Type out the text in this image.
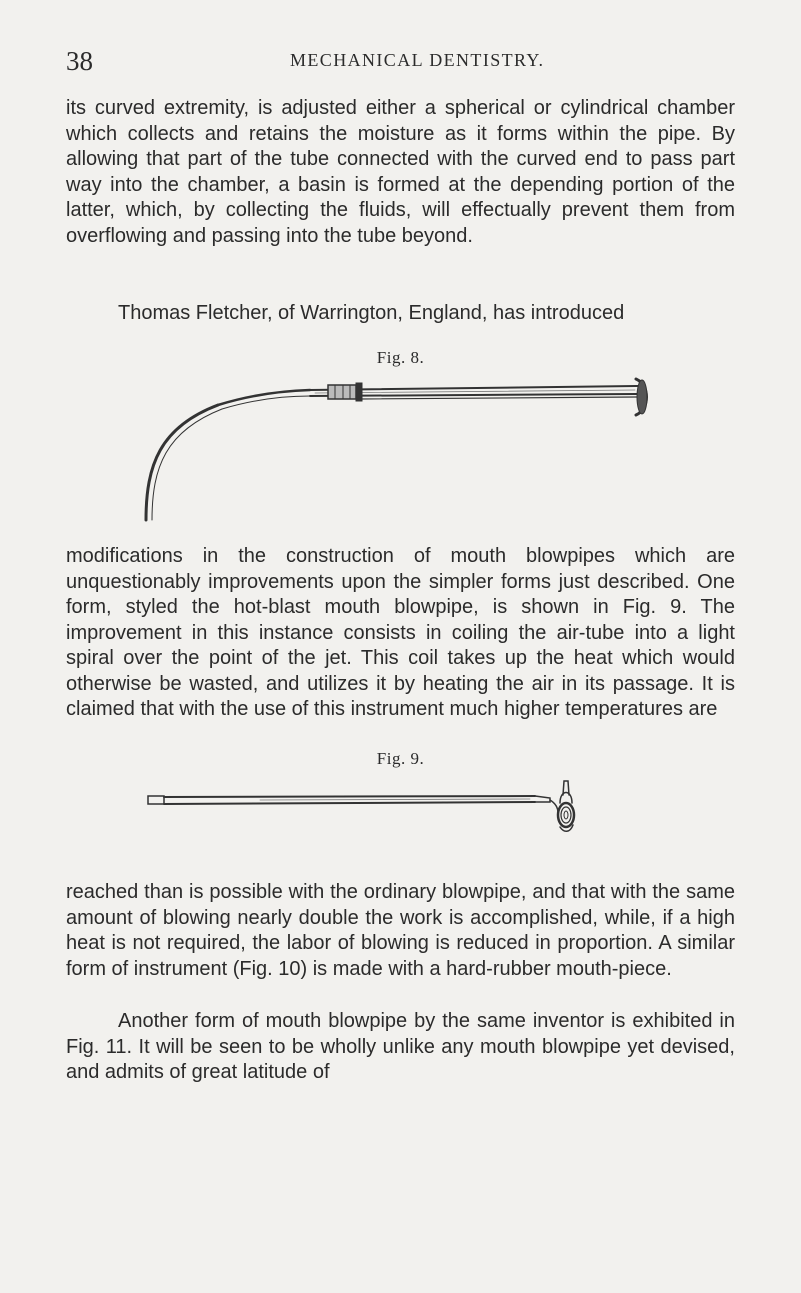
38	MECHANICAL DENTISTRY.

its curved extremity, is adjusted either a spherical or cylindrical chamber which collects and retains the moisture as it forms within the pipe. By allowing that part of the tube connected with the curved end to pass part way into the chamber, a basin is formed at the depending portion of the latter, which, by collecting the fluids, will effectually prevent them from overflowing and passing into the tube beyond.

Thomas Fletcher, of Warrington, England, has introduced

Fig. 8.

modifications in the construction of mouth blowpipes which are unquestionably improvements upon the simpler forms just described. One form, styled the hot-blast mouth blowpipe, is shown in Fig. 9. The improvement in this instance consists in coiling the air-tube into a light spiral over the point of the jet. This coil takes up the heat which would otherwise be wasted, and utilizes it by heating the air in its passage. It is claimed that with the use of this instrument much higher temperatures are

Fig. 9.

reached than is possible with the ordinary blowpipe, and that with the same amount of blowing nearly double the work is accomplished, while, if a high heat is not required, the labor of blowing is reduced in proportion. A similar form of instrument (Fig. 10) is made with a hard-rubber mouth-piece.

Another form of mouth blowpipe by the same inventor is exhibited in Fig. 11. It will be seen to be wholly unlike any mouth blowpipe yet devised, and admits of great latitude of
